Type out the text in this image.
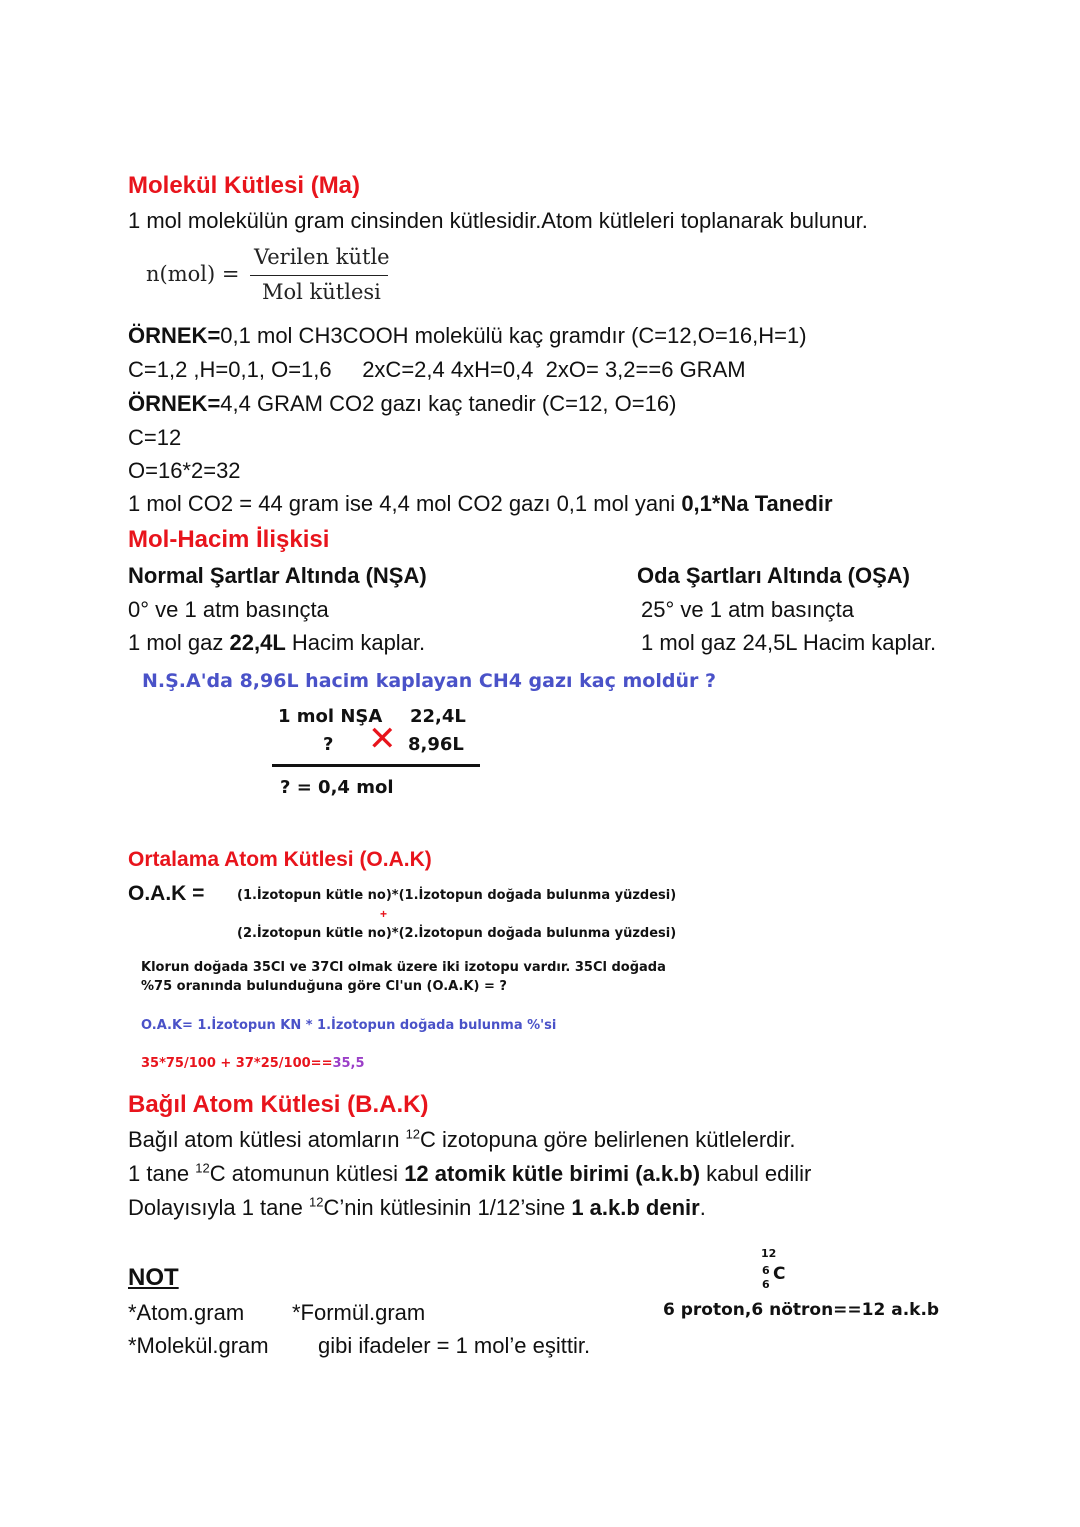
Molekül Kütlesi (Ma)
1 mol molekülün gram cinsinden kütlesidir.Atom kütleleri toplanarak bulunur.
n(mol) =
Verilen kütle
Mol kütlesi
ÖRNEK=0,1 mol CH3COOH molekülü kaç gramdır (C=12,O=16,H=1)
C=1,2 ,H=0,1, O=1,6     2xC=2,4 4xH=0,4  2xO= 3,2==6 GRAM
ÖRNEK=4,4 GRAM CO2 gazı kaç tanedir (C=12, O=16)
C=12
O=16*2=32
1 mol CO2 = 44 gram ise 4,4 mol CO2 gazı 0,1 mol yani 0,1*Na Tanedir
Mol-Hacim İlişkisi
Normal Şartlar Altında (NŞA)
0° ve 1 atm basınçta
1 mol gaz 22,4L Hacim kaplar.
Oda Şartları Altında (OŞA)
25° ve 1 atm basınçta
1 mol gaz 24,5L Hacim kaplar.
N.Ş.A'da 8,96L hacim kaplayan CH4 gazı kaç moldür ?
1 mol NŞA 22,4L
? ✕ 8,96L
? = 0,4 mol
Ortalama Atom Kütlesi (O.A.K)
O.A.K =	(1.İzotopun kütle no)*(1.İzotopun doğada bulunma yüzdesi)
+
(2.İzotopun kütle no)*(2.İzotopun doğada bulunma yüzdesi)
Klorun doğada 35Cl ve 37Cl olmak üzere iki izotopu vardır. 35Cl doğada
%75 oranında bulunduğuna göre Cl'un (O.A.K) = ?
O.A.K= 1.İzotopun KN * 1.İzotopun doğada bulunma %'si
35*75/100 + 37*25/100==35,5
Bağıl Atom Kütlesi (B.A.K)
Bağıl atom kütlesi atomların $^{12}$C izotopuna göre belirlenen kütlelerdir.
1 tane $^{12}$C atomunun kütlesi 12 atomik kütle birimi (a.k.b) kabul edilir
Dolayısıyla 1 tane $^{12}$C’nin kütlesinin 1/12’sine 1 a.k.b denir.
NOT
*Atom.gram *Formül.gram
*Molekül.gram gibi ifadeler = 1 mol’e eşittir.
12
6
6
C
6 proton,6 nötron==12 a.k.b
